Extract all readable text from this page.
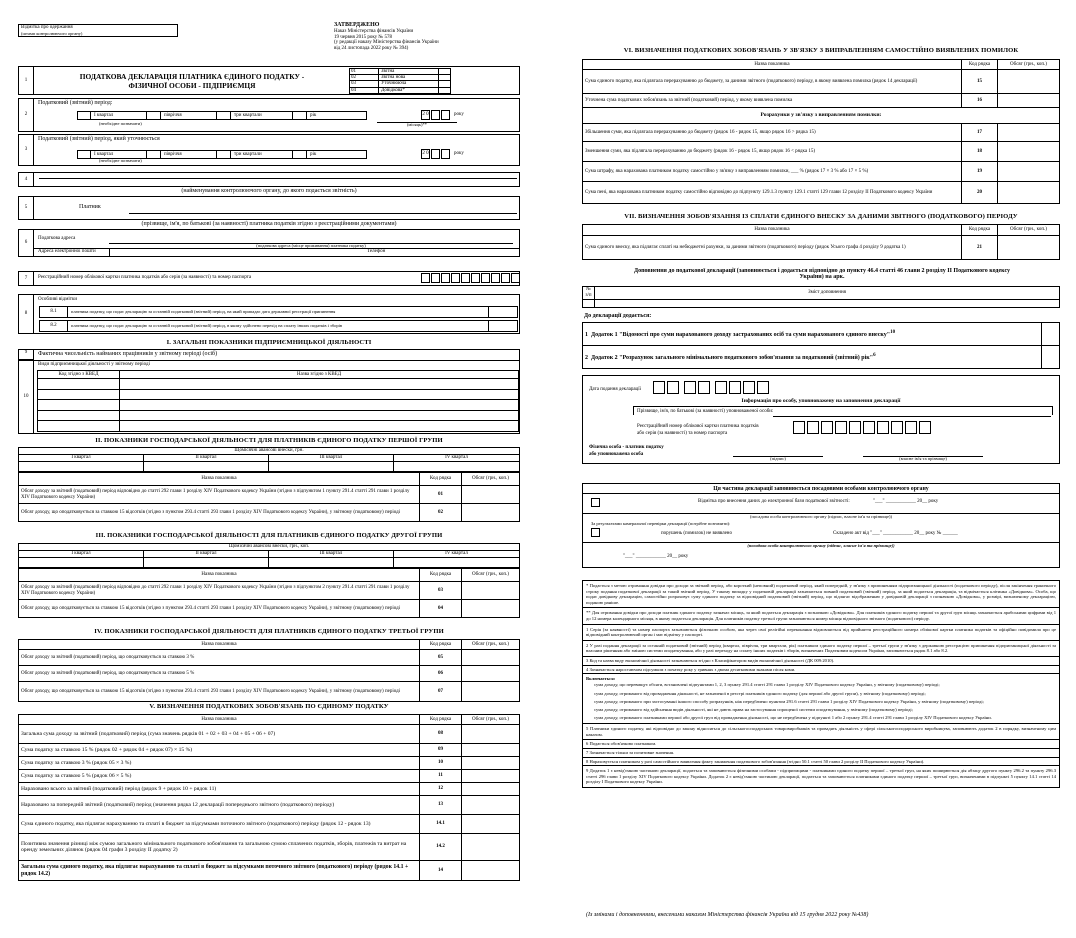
Відмітка про одержання
(штамп контролюючого органу)
ЗАТВЕРДЖЕНО
Наказ Міністерства фінансів України
19 червня 2015 року № 578
(у редакції наказу Міністерства фінансів України
від 24 листопада 2022 року № 394)
1	ПОДАТКОВА ДЕКЛАРАЦІЯ ПЛАТНИКА ЄДИНОГО ПОДАТКУ -
ФІЗИЧНОЇ ОСОБИ - ПІДПРИЄМЦЯ
01	Звітна
02	Звітна нова
03	Уточнююча
04	Довідкова*
2
Податковий (звітний) період:
I квартал	півріччя	три квартали	рік	2 0	року
(необхідне позначити)	(місяць)**
3
Податковий (звітний) період, який уточнюється
I квартал	півріччя	три квартали	рік	2 0	року
(необхідне позначити)
4
(найменування контролюючого органу, до якого подається звітність)
5	Платник
(прізвище, ім'я, по батькові (за наявності) платника податків згідно з реєстраційними документами)
6
Податкова адреса
(податкова адреса (місце проживання) платника податку)
Адреса електронної пошти	Телефон
7 Реєстраційний номер облікової картки платника податків або серія (за наявності) та номер паспорта
8
Особливі відмітки
8.1	платника податку, що подає декларацію за останній податковий (звітний) період, на який припадає дата державної реєстрації припинення
8.2	платника податку, що подає декларацію за останній податковий (звітний) період, в якому здійснено перехід на сплату інших податків і зборів
I. ЗАГАЛЬНІ ПОКАЗНИКИ ПІДПРИЄМНИЦЬКОЇ ДІЯЛЬНОСТІ
9	Фактична чисельність найманих працівників у звітному періоді (осіб)
10
Види підприємницької діяльності у звітному періоді
Код згідно з КВЕД	Назва згідно з КВЕД

II. ПОКАЗНИКИ ГОСПОДАРСЬКОЇ ДІЯЛЬНОСТІ ДЛЯ ПЛАТНИКІВ ЄДИНОГО ПОДАТКУ ПЕРШОЇ ГРУПИ
Щомісячні авансові внески, грн.			
I квартал	II квартал	III квартал	IV квартал

Назва показника	Код рядка	Обсяг (грн., коп.)
Обсяг доходу за звітний (податковий) період відповідно до статті 292 глави 1 розділу XIV Податкового кодексу України (згідно з підпунктом 1 пункту 291.4 статті 291 глави 1 розділу XIV Податкового кодексу України)	01	
Обсяг доходу, що оподатковується за ставкою 15 відсотків (згідно з пунктом 293.4 статті 293 глави 1 розділу XIV Податкового кодексу України), у звітному (податковому) періоді	02	
III. ПОКАЗНИКИ ГОСПОДАРСЬКОЇ ДІЯЛЬНОСТІ ДЛЯ ПЛАТНИКІВ ЄДИНОГО ПОДАТКУ ДРУГОЇ ГРУПИ
Щомісячні авансові внески, грн., коп.			
I квартал	II квартал	III квартал	IV квартал

Назва показника	Код рядка	Обсяг (грн., коп.)
Обсяг доходу за звітний (податковий) період відповідно до статті 292 глави 1 розділу XIV Податкового кодексу України (згідно з підпунктом 2 пункту 291.4 статті 291 глави 1 розділу XIV Податкового кодексу України)	03	
Обсяг доходу, що оподатковується за ставкою 15 відсотків (згідно з пунктом 293.4 статті 293 глави 1 розділу XIV Податкового кодексу України), у звітному (податковому) періоді	04	
IV. ПОКАЗНИКИ ГОСПОДАРСЬКОЇ ДІЯЛЬНОСТІ ДЛЯ ПЛАТНИКІВ ЄДИНОГО ПОДАТКУ ТРЕТЬОЇ ГРУПИ
Назва показника	Код рядка	Обсяг (грн., коп.)
Обсяг доходу за звітний (податковий) період, що оподатковується за ставкою 3 %	05	
Обсяг доходу за звітний (податковий) період, що оподатковується за ставкою 5 %	06	
Обсяг доходу, що оподатковується за ставкою 15 відсотків (згідно з пунктом 293.4 статті 293 глави 1 розділу XIV Податкового кодексу України), у звітному (податковому) періоді	07	
V. ВИЗНАЧЕННЯ ПОДАТКОВИХ ЗОБОВ'ЯЗАНЬ ПО ЄДИНОМУ ПОДАТКУ
Назва показника	Код рядка	Обсяг (грн., коп.)
Загальна сума доходу за звітний (податковий) період (сума значень рядків 01 + 02 + 03 + 04 + 05 + 06 + 07)	08	
Сума податку за ставкою 15 % (рядок 02 + рядок 04 + рядок 07) × 15 %)	09	
Сума податку за ставкою 3 % (рядок 05 × 3 %)	10	
Сума податку за ставкою 5 % (рядок 06 × 5 %)	11	
Нараховано всього за звітний (податковий) період (рядок 9 + рядок 10 + рядок 11)	12	
Нараховано за попередній звітний (податковий) період (значення рядка 12 декларації попереднього звітного (податкового) періоду)	13	
Сума єдиного податку, яка підлягає нарахуванню та сплаті в бюджет за підсумками поточного звітного (податкового) періоду (рядок 12 - рядок 13)	14.1	
Позитивна значення різниці між сумою загального мінімального податкового зобов'язання та загальною сумою сплачених податків, зборів, платежів та витрат на оренду земельних ділянок (рядок 04 графи 3 розділу II додатку 2)	14.2	
Загальна сума єдиного податку, яка підлягає нарахуванню та сплаті в бюджет за підсумками поточного звітного (податкового) періоду (рядок 14.1 + рядок 14.2)	14	
VI. ВИЗНАЧЕННЯ ПОДАТКОВИХ ЗОБОВ'ЯЗАНЬ У ЗВ'ЯЗКУ З ВИПРАВЛЕННЯМ САМОСТІЙНО ВИЯВЛЕНИХ ПОМИЛОК
Назва показника	Код рядка	Обсяг (грн., коп.)
Сума єдиного податку, яка підлягала перерахуванню до бюджету, за даними звітного (податкового) періоду, в якому виявлена помилка (рядок 14 декларації)	15	
Уточнена сума податкових зобов'язань за звітний (податковий) період, у якому виявлена помилка	16	
Розрахунки у зв'язку з виправленням помилки:		
Збільшення суми, яка підлягала перерахуванню до бюджету (рядок 16 - рядок 15, якщо рядок 16 > рядка 15)	17	
Зменшення суми, яка підлягала перерахуванню до бюджету (рядок 16 - рядок 15, якщо рядок 16 < рядка 15)	18	
Сума штрафу, яка нарахована платником податку самостійно у зв'язку з виправленням помилки, ___ % (рядок 17 × 3 % або 17 × 5 %)	19	
Сума пені, яка нарахована платником податку самостійно відповідно до підпункту 129.1.3 пункту 129.1 статті 129 глави 12 розділу II Податкового кодексу України	20	
VII. ВИЗНАЧЕННЯ ЗОБОВ'ЯЗАННЯ ІЗ СПЛАТИ ЄДИНОГО ВНЕСКУ ЗА ДАНИМИ ЗВІТНОГО (ПОДАТКОВОГО) ПЕРІОДУ
Назва показника	Код рядка	Обсяг (грн., коп.)
Сума єдиного внеску, яка підлягає сплаті на небюджетні рахунки, за даними звітного (податкового) періоду (рядок Усього графа 4 розділу 9 додатка 1)	21	
Доповнення до податкової декларації (заповнюється і додається відповідно до пункту 46.4 статті 46 глави 2 розділу II Податкового кодексу України) на арк.
№ з/п	Зміст доповнення

До декларації додається:
1 Додаток 1 "Відомості про суми нарахованого доходу застрахованих осіб та суми нарахованого єдиного внеску"$^{10}$	
2 Додаток 2 "Розрахунок загального мінімального податкового зобов'язання за податковий (звітний) рік"$^6$	
Дата подання декларації
Інформація про особу, уповноважену на заповнення декларації
Прізвище, ім'я, по батькові (за наявності) уповноваженої особи:
Реєстраційний номер облікової картки платника податків
або серія (за наявності) та номер паспорта
Фізична особа - платник податку
або уповноважена особа
(підпис)	(власне ім'я та прізвище)
Ця частина декларації заповнюється посадовими особами контролюючого органу
Відмітка про внесення даних до електронної бази податкової звітності:	"___" ____________ 20__ року
(посадова особа контролюючого органу (підпис, власне ім'я та прізвище))
За результатами камеральної перевірки декларації (потрібне позначити):
порушень (помилок) не виявлено	Складено акт від "___" ____________ 20__ року № ______
(посадова особа контролюючого органу (підпис, власне ім'я та прізвище))
"___" ____________ 20__ року
* Подається з метою отримання довідки про доходи за звітний період, або короткий (неповний) податковий період, який попередній, у зв'язку з припиненням підприємницької діяльності (податкового періоду), після закінчення граничного строку подання податкової декларації за такий звітний період. У такому випадку у податковій декларації зазначається повний податковий (звітний) період, за який подається декларація, та відмічається клітинка «Довідкова». Особа, що подає довідкову декларацію, самостійно розраховує суму єдиного податку за відповідний податковий (звітний) період, що підлягає відображенню у довідковій декларації з позначкою «Довідкова», у розмірі, визначеному декларацією, поданою раніше.
** Для отримання довідки про доходи платник єдиного податку зазначає місяць, за який подається декларація з позначкою «Довідкова». Для платників єдиного податку першої та другої груп місяць зазначається арабськими цифрами від 1 до 12 номера календарного місяця, в якому подається декларація. Для платників податку третьої групи зазначаються номер місяця відповідного звітного (податкового) періоду.
1 Серія (за наявності) та номер паспорта зазначаються фізичною особою, яка через свої релігійні переконання відмовляється від прийняття реєстраційного номера облікової картки платника податків та офіційно повідомила про це відповідний контролюючий орган і має відмітку у паспорті.
2 У разі подання декларації за останній податковий (звітний) період (квартал, півріччя, три квартали, рік) платником єдиного податку першої – третьої групи у зв'язку з державною реєстрацією припинення підприємницької діяльності за власним рішенням або зміною системи оподаткування, або у разі переходу на сплату інших податків і зборів, визначених Податковим кодексом України, заповнюється рядок 8.1 або 8.2.
3 Код та назва виду економічної діяльності зазначаються згідно з Класифікатором видів економічної діяльності (ДК 009:2010).
4 Зазначається наростаючим підсумком з початку року у гривнях з двома десятковими знаками після коми.
Включається:
сума доходу, що перевищує обсяги, встановлені підпунктами 1, 2, 3 пункту 291.4 статті 291 глави 1 розділу XIV Податкового кодексу України, у звітному (податковому) періоді;
сума доходу, отриманого від провадження діяльності, не зазначеної в реєстрі платників єдиного податку (для першої або другої групи), у звітному (податковому) періоді;
сума доходу, отриманого при застосуванні іншого способу розрахунків, ніж передбачено пунктом 291.6 статті 291 глави 1 розділу XIV Податкового кодексу України, у звітному (податковому) періоді;
сума доходу, отриманого від здійснення видів діяльності, які не дають права на застосування спрощеної системи оподаткування, у звітному (податковому) періоді;
сума доходу, отриманого платниками першої або другої груп від провадження діяльності, що не передбачена у підпункті 1 або 2 пункту 291.4 статті 291 глави 1 розділу XIV Податкового кодексу України.
5 Платники єдиного податку, які відповідно до закону відносяться до сільськогосподарських товаровиробників та провадять діяльність у сфері сільськогосподарського виробництва, заповнюють додаток 2 в порядку, визначеному цим наказом.
6 Подається обов'язково платником.
7 Зазначається тільки за позитивне значення.
8 Нараховується платником у разі самостійного виявлення факту заниження податкового зобов'язання (згідно 50.1 статті 50 глави 2 розділу II Податкового кодексу України).
9 Додаток 1 є невід'ємною частиною декларації, подається та заповнюється фізичними особами - підприємцями - платниками єдиного податку першої – третьої груп, на яких поширюється дія абзацу другого пункту 296.2 та пункту 296.3 статті 296 глави 1 розділу XIV Податкового кодексу України. Додаток 2 є невід'ємною частиною декларації, подається та заповнюється платниками єдиного податку першої – третьої груп, визначеними в підпункті 5 пункту 14.1 статті 14 розділу I Податкового кодексу України.
(Із змінами і доповненнями, внесеними наказом Міністерства фінансів України від 15 грудня 2022 року №438)
